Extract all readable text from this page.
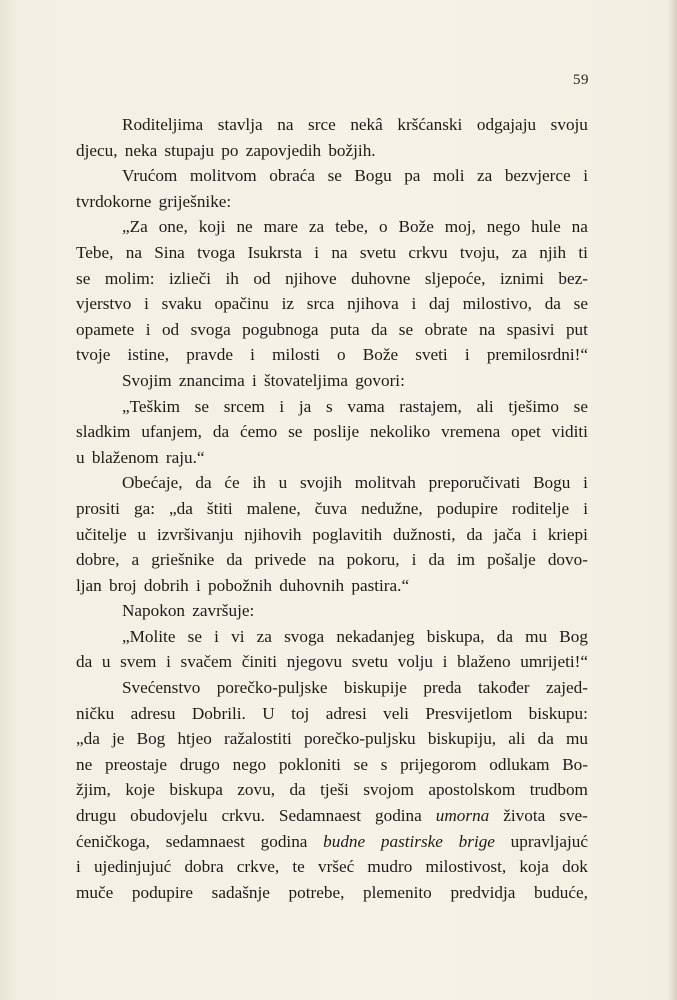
59
Roditeljima stavlja na srce nekâ kršćanski odgajaju svoju
djecu, neka stupaju po zapovjedih božjih.
Vrućom molitvom obraća se Bogu pa moli za bezvjerce i
tvrdokorne griješnike:
„Za one, koji ne mare za tebe, o Bože moj, nego hule na
Tebe, na Sina tvoga Isukrsta i na svetu crkvu tvoju, za njih ti
se molim: izlieči ih od njihove duhovne sljepoće, iznimi bez-
vjerstvo i svaku opačinu iz srca njihova i daj milostivo, da se
opamete i od svoga pogubnoga puta da se obrate na spasivi put
tvoje istine, pravde i milosti o Bože sveti i premilosrdni!“
Svojim znancima i štovateljima govori:
„Teškim se srcem i ja s vama rastajem, ali tješimo se
sladkim ufanjem, da ćemo se poslije nekoliko vremena opet viditi
u blaženom raju.“
Obećaje, da će ih u svojih molitvah preporučivati Bogu i
prositi ga: „da štiti malene, čuva nedužne, podupire roditelje i
učitelje u izvršivanju njihovih poglavitih dužnosti, da jača i kriepi
dobre, a griešnike da privede na pokoru, i da im pošalje dovo-
ljan broj dobrih i pobožnih duhovnih pastira.“
Napokon završuje:
„Molite se i vi za svoga nekadanjeg biskupa, da mu Bog
da u svem i svačem činiti njegovu svetu volju i blaženo umrijeti!“
Svećenstvo porečko-puljske biskupije preda također zajed-
ničku adresu Dobrili. U toj adresi veli Presvijetlom biskupu:
„da je Bog htjeo ražalostiti porečko-puljsku biskupiju, ali da mu
ne preostaje drugo nego pokloniti se s prijegorom odlukam Bo-
žjim, koje biskupa zovu, da tješi svojom apostolskom trudbom
drugu obudovjelu crkvu. Sedamnaest godina umorna života sve-
ćeničkoga, sedamnaest godina budne pastirske brige upravljajuć
i ujedinjujuć dobra crkve, te vršeć mudro milostivost, koja dok
muče podupire sadašnje potrebe, plemenito predvidja buduće,
